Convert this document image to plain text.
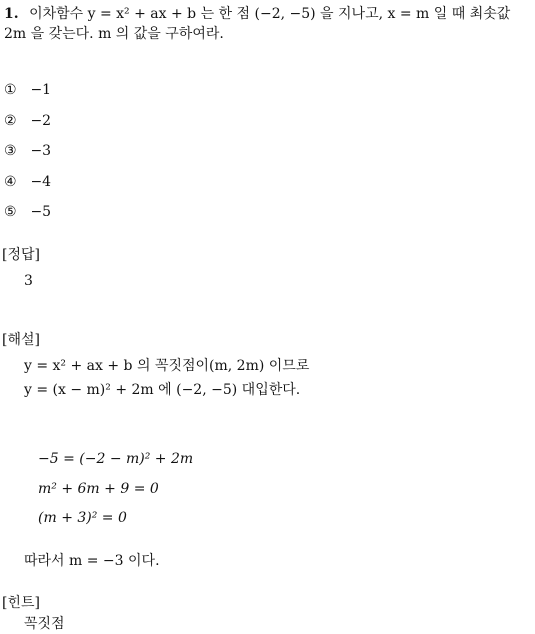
1. 이차함수 y = x² + ax + b 는 한 점 (−2, −5) 을 지나고, x = m 일 때 최솟값
2m 을 갖는다. m 의 값을 구하여라.
① −1
② −2
③ −3
④ −4
⑤ −5
[정답]
3
[해설]
y = x² + ax + b 의 꼭짓점이(m, 2m) 이므로
y = (x − m)² + 2m 에 (−2, −5) 대입한다.
−5 = (−2 − m)² + 2m
m² + 6m + 9 = 0
(m + 3)² = 0
따라서 m = −3 이다.
[힌트]
꼭짓점
